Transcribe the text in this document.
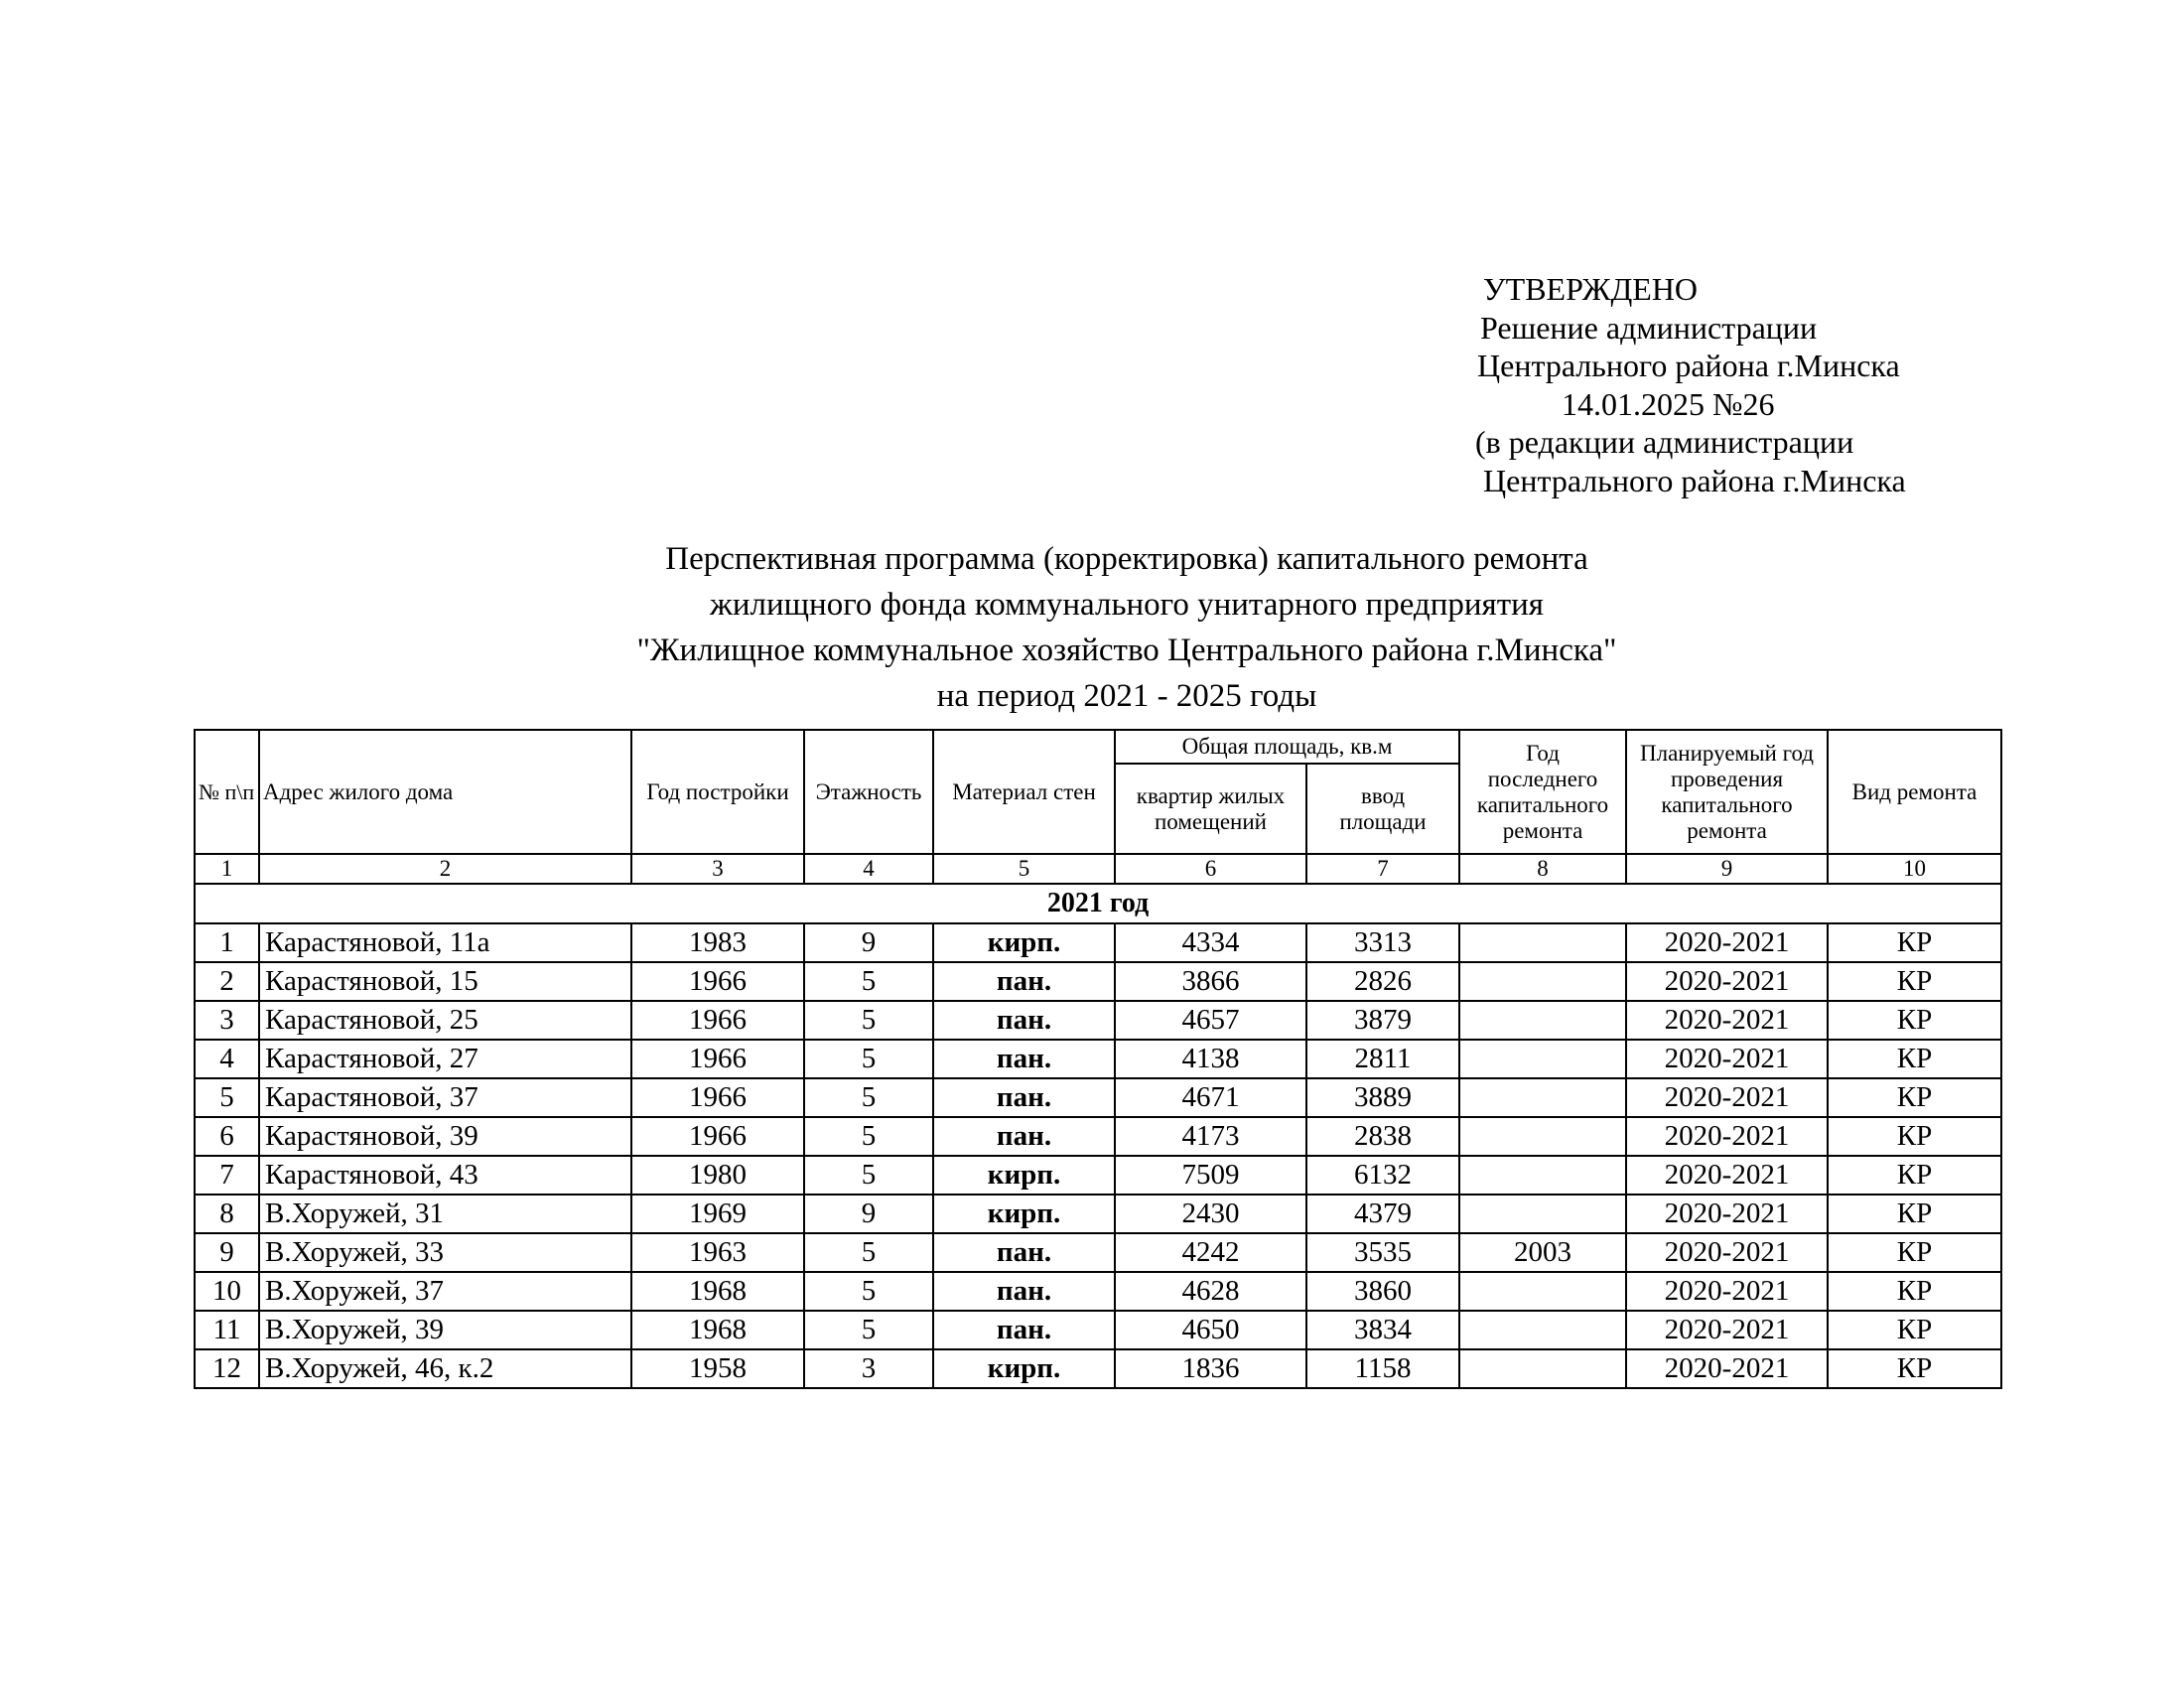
УТВЕРЖДЕНО
Решение администрации
Центрального района г.Минска
14.01.2025 №26
(в редакции администрации
Центрального района г.Минска
Перспективная программа (корректировка) капитального ремонта
жилищного фонда коммунального унитарного предприятия
"Жилищное коммунальное хозяйство Центрального района г.Минска"
на период 2021 - 2025 годы
№ п\п	Адрес жилого дома	Год постройки	Этажность	Материал стен	Общая площадь, кв.м		Год последнего капитального ремонта	Планируемый год проведения капитального ремонта	Вид ремонта
					квартир жилых помещений	ввод площади			
1	2	3	4	5	6	7	8	9	10
2021 год									
1	Карастяновой, 11а	1983	9	кирп.	4334	3313		2020-2021	КР
2	Карастяновой, 15	1966	5	пан.	3866	2826		2020-2021	КР
3	Карастяновой, 25	1966	5	пан.	4657	3879		2020-2021	КР
4	Карастяновой, 27	1966	5	пан.	4138	2811		2020-2021	КР
5	Карастяновой, 37	1966	5	пан.	4671	3889		2020-2021	КР
6	Карастяновой, 39	1966	5	пан.	4173	2838		2020-2021	КР
7	Карастяновой, 43	1980	5	кирп.	7509	6132		2020-2021	КР
8	В.Хоружей, 31	1969	9	кирп.	2430	4379		2020-2021	КР
9	В.Хоружей, 33	1963	5	пан.	4242	3535	2003	2020-2021	КР
10	В.Хоружей, 37	1968	5	пан.	4628	3860		2020-2021	КР
11	В.Хоружей, 39	1968	5	пан.	4650	3834		2020-2021	КР
12	В.Хоружей, 46, к.2	1958	3	кирп.	1836	1158		2020-2021	КР
